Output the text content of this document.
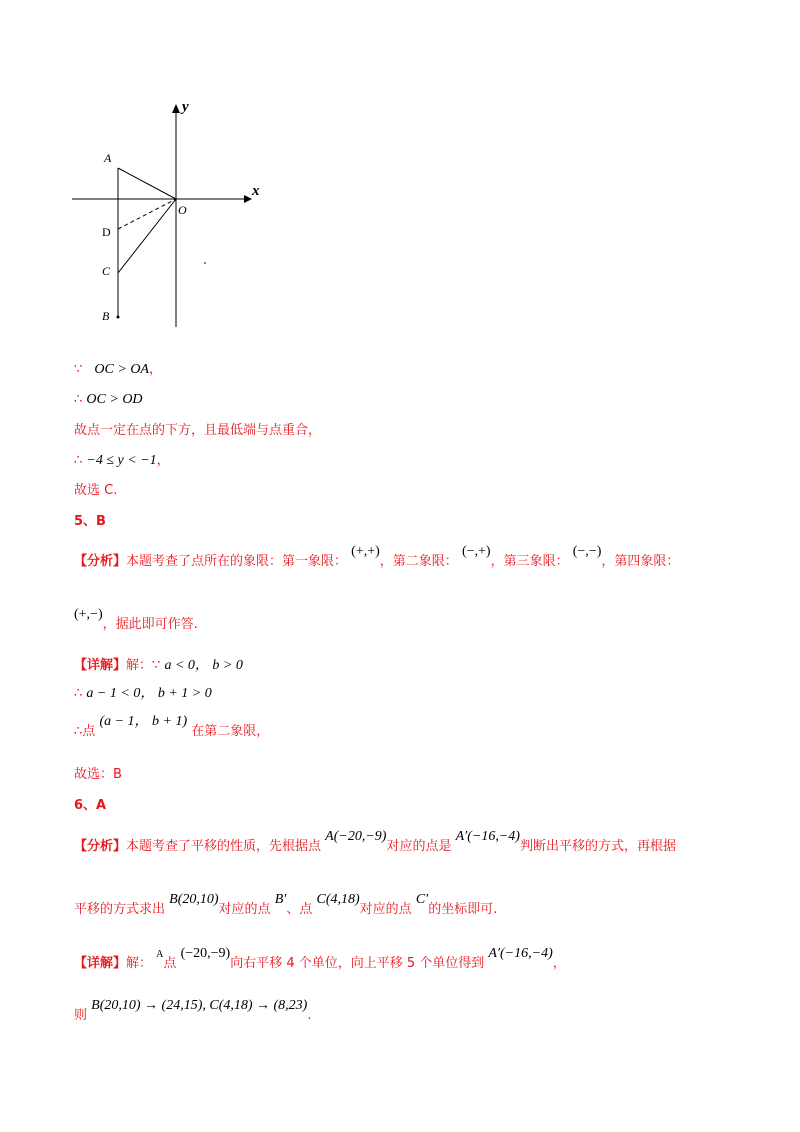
x
y
O
A
D
C
B
∵ OC > OA，
∴ OC > OD
故点一定在点的下方，且最低端与点重合，
∴ −4 ≤ y < −1，
故选 C.
5、B
【分析】本题考查了点所在的象限：第一象限： (+,+)，第二象限： (−,+)，第三象限： (−,−)，第四象限：
(+,−)，据此即可作答.
【详解】解：∵ a < 0， b > 0
∴ a − 1 < 0， b + 1 > 0
∴点 (a − 1， b + 1) 在第二象限，
故选：B
6、A
【分析】本题考查了平移的性质，先根据点 A(−20,−9)对应的点是 A′(−16,−4)判断出平移的方式，再根据
平移的方式求出 B(20,10)对应的点 B′、点 C(4,18)对应的点 C′的坐标即可.
【详解】解： $^A$点 (−20,−9)向右平移 4 个单位，向上平移 5 个单位得到 A′(−16,−4)，
则 B(20,10) → (24,15), C(4,18) → (8,23).
